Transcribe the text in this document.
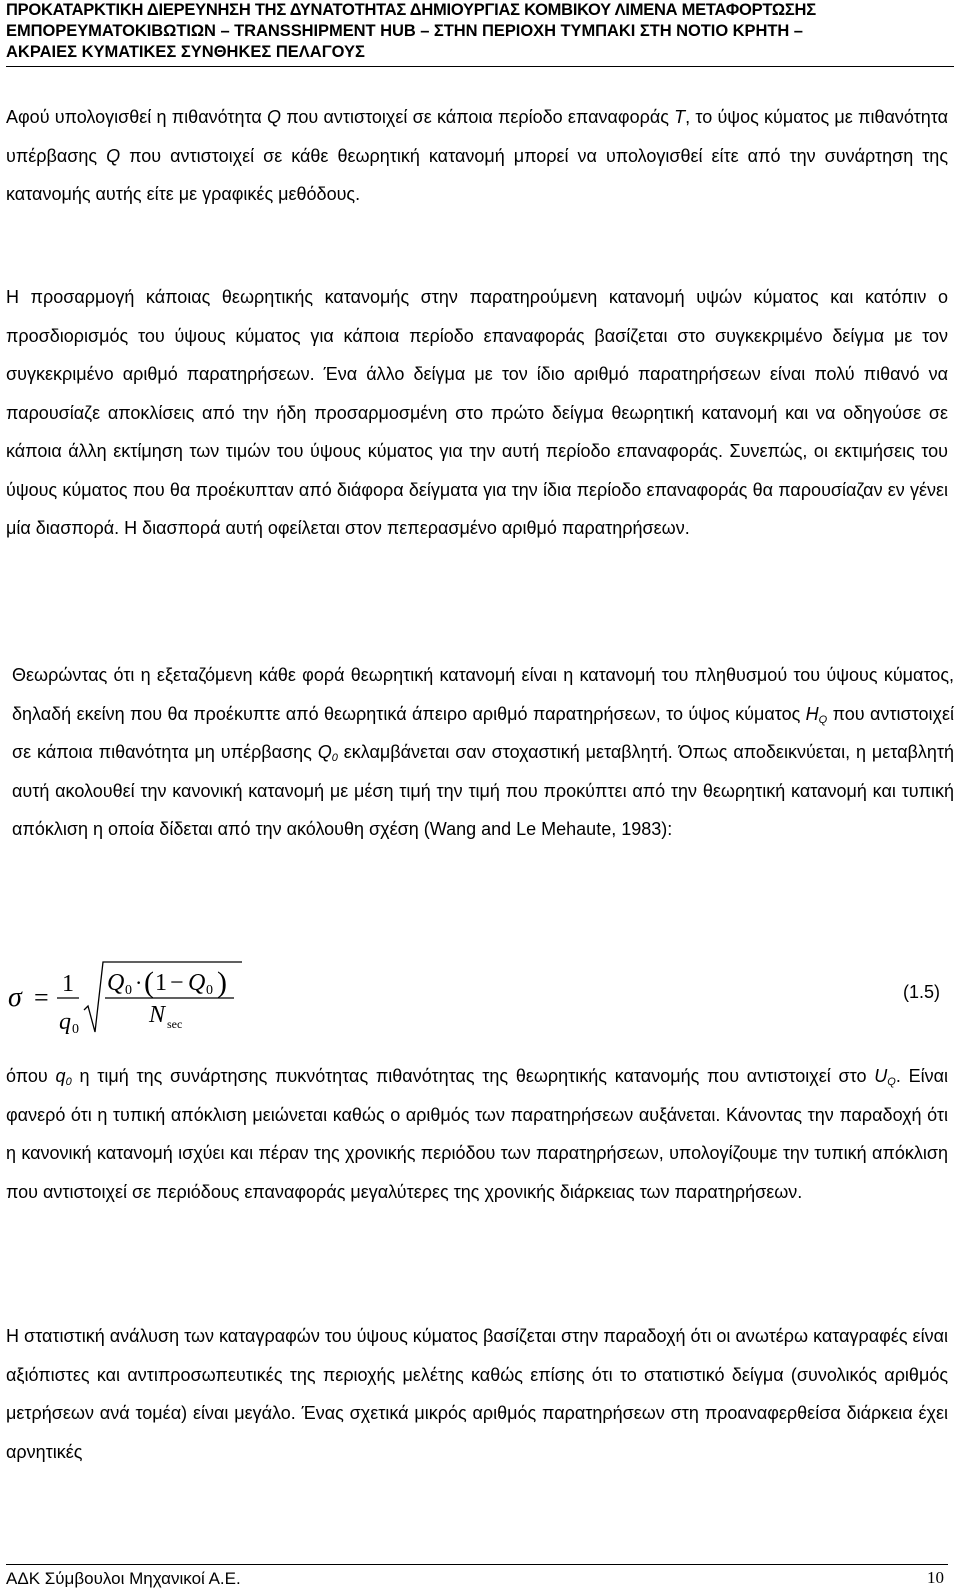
ΠΡΟΚΑΤΑΡΚΤΙΚΗ ΔΙΕΡΕΥΝΗΣΗ ΤΗΣ ΔΥΝΑΤΟΤΗΤΑΣ ΔΗΜΙΟΥΡΓΙΑΣ ΚΟΜΒΙΚΟΥ ΛΙΜΕΝΑ ΜΕΤΑΦΟΡΤΩΣΗΣ
ΕΜΠΟΡΕΥΜΑΤΟΚΙΒΩΤΙΩΝ – TRANSSHIPMENT HUB – ΣΤΗΝ ΠΕΡΙΟΧΗ ΤΥΜΠΑΚΙ ΣΤΗ ΝΟΤΙΟ ΚΡΗΤΗ –
ΑΚΡΑΙΕΣ ΚΥΜΑΤΙΚΕΣ ΣΥΝΘΗΚΕΣ ΠΕΛΑΓΟΥΣ

Αφού υπολογισθεί η πιθανότητα Q που αντιστοιχεί σε κάποια περίοδο επαναφοράς T, το ύψος κύματος με πιθανότητα υπέρβασης Q που αντιστοιχεί σε κάθε θεωρητική κατανομή μπορεί να υπολογισθεί είτε από την συνάρτηση της κατανομής αυτής είτε με γραφικές μεθόδους.

Η προσαρμογή κάποιας θεωρητικής κατανομής στην παρατηρούμενη κατανομή υψών κύματος και κατόπιν ο προσδιορισμός του ύψους κύματος για κάποια περίοδο επαναφοράς βασίζεται στο συγκεκριμένο δείγμα με τον συγκεκριμένο αριθμό παρατηρήσεων. Ένα άλλο δείγμα με τον ίδιο αριθμό παρατηρήσεων είναι πολύ πιθανό να παρουσίαζε αποκλίσεις από την ήδη προσαρμοσμένη στο πρώτο δείγμα θεωρητική κατανομή και να οδηγούσε σε κάποια άλλη εκτίμηση των τιμών του ύψους κύματος για την αυτή περίοδο επαναφοράς. Συνεπώς, οι εκτιμήσεις του ύψους κύματος που θα προέκυπταν από διάφορα δείγματα για την ίδια περίοδο επαναφοράς θα παρουσίαζαν εν γένει μία διασπορά. Η διασπορά αυτή οφείλεται στον πεπερασμένο αριθμό παρατηρήσεων.

Θεωρώντας ότι η εξεταζόμενη κάθε φορά θεωρητική κατανομή είναι η κατανομή του πληθυσμού του ύψους κύματος, δηλαδή εκείνη που θα προέκυπτε από θεωρητικά άπειρο αριθμό παρατηρήσεων, το ύψος κύματος $H_Q$ που αντιστοιχεί σε κάποια πιθανότητα μη υπέρβασης $Q_0$ εκλαμβάνεται σαν στοχαστική μεταβλητή. Όπως αποδεικνύεται, η μεταβλητή αυτή ακολουθεί την κανονική κατανομή με μέση τιμή την τιμή που προκύπτει από την θεωρητική κατανομή και τυπική απόκλιση η οποία δίδεται από την ακόλουθη σχέση (Wang and Le Mehaute, 1983):

σ = 1
q 0
Q 0 · ( 1 − Q 0 )
N sec
(1.5)

όπου $q_0$ η τιμή της συνάρτησης πυκνότητας πιθανότητας της θεωρητικής κατανομής που αντιστοιχεί στο $U_Q$. Είναι φανερό ότι η τυπική απόκλιση μειώνεται καθώς ο αριθμός των παρατηρήσεων αυξάνεται. Κάνοντας την παραδοχή ότι η κανονική κατανομή ισχύει και πέραν της χρονικής περιόδου των παρατηρήσεων, υπολογίζουμε την τυπική απόκλιση που αντιστοιχεί σε περιόδους επαναφοράς μεγαλύτερες της χρονικής διάρκειας των παρατηρήσεων.

Η στατιστική ανάλυση των καταγραφών του ύψους κύματος βασίζεται στην παραδοχή ότι οι ανωτέρω καταγραφές είναι αξιόπιστες και αντιπροσωπευτικές της περιοχής μελέτης καθώς επίσης ότι το στατιστικό δείγμα (συνολικός αριθμός μετρήσεων ανά τομέα) είναι μεγάλο. Ένας σχετικά μικρός αριθμός παρατηρήσεων στη προαναφερθείσα διάρκεια έχει αρνητικές

ΑΔΚ Σύμβουλοι Μηχανικοί Α.Ε.	10
